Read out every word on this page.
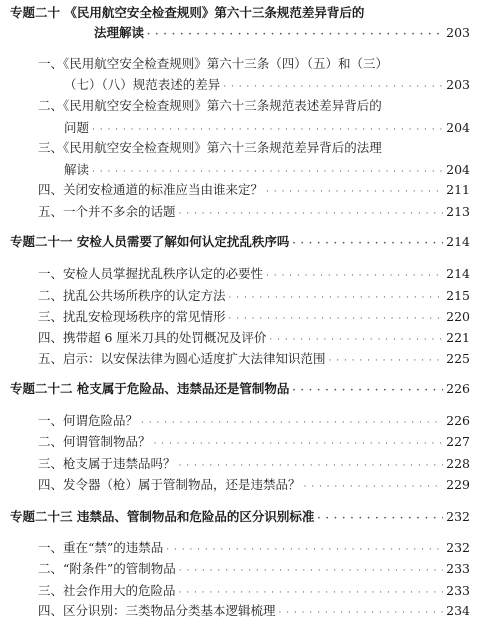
专题二十 《民用航空安全检查规则》第六十三条规范差异背后的
法理解读 · · ·	203
一、《民用航空安全检查规则》第六十三条（四）（五）和（三）
（七）（八）规范表述的差异 · · ·	203
二、《民用航空安全检查规则》第六十三条规范表述差异背后的
问题 · · ·	204
三、《民用航空安全检查规则》第六十三条规范差异背后的法理
解读 · · ·	204
四、关闭安检通道的标准应当由谁来定？ · · ·	211
五、一个并不多余的话题 · · ·	213
专题二十一 安检人员需要了解如何认定扰乱秩序吗 · · ·	214
一、安检人员掌握扰乱秩序认定的必要性 · · ·	214
二、扰乱公共场所秩序的认定方法 · · ·	215
三、扰乱安检现场秩序的常见情形 · · ·	220
四、携带超 6 厘米刀具的处罚概况及评价 · · ·	221
五、启示：以安保法律为圆心适度扩大法律知识范围 · · ·	225
专题二十二 枪支属于危险品、违禁品还是管制物品 · · ·	226
一、何谓危险品？ · · ·	226
二、何谓管制物品？ · · ·	227
三、枪支属于违禁品吗？ · · ·	228
四、发令器（枪）属于管制物品，还是违禁品？ · · ·	229
专题二十三 违禁品、管制物品和危险品的区分识别标准 · · ·	232
一、重在“禁”的违禁品 · · ·	232
二、“附条件”的管制物品 · · ·	233
三、社会作用大的危险品 · · ·	233
四、区分识别：三类物品分类基本逻辑梳理 · · ·	234
